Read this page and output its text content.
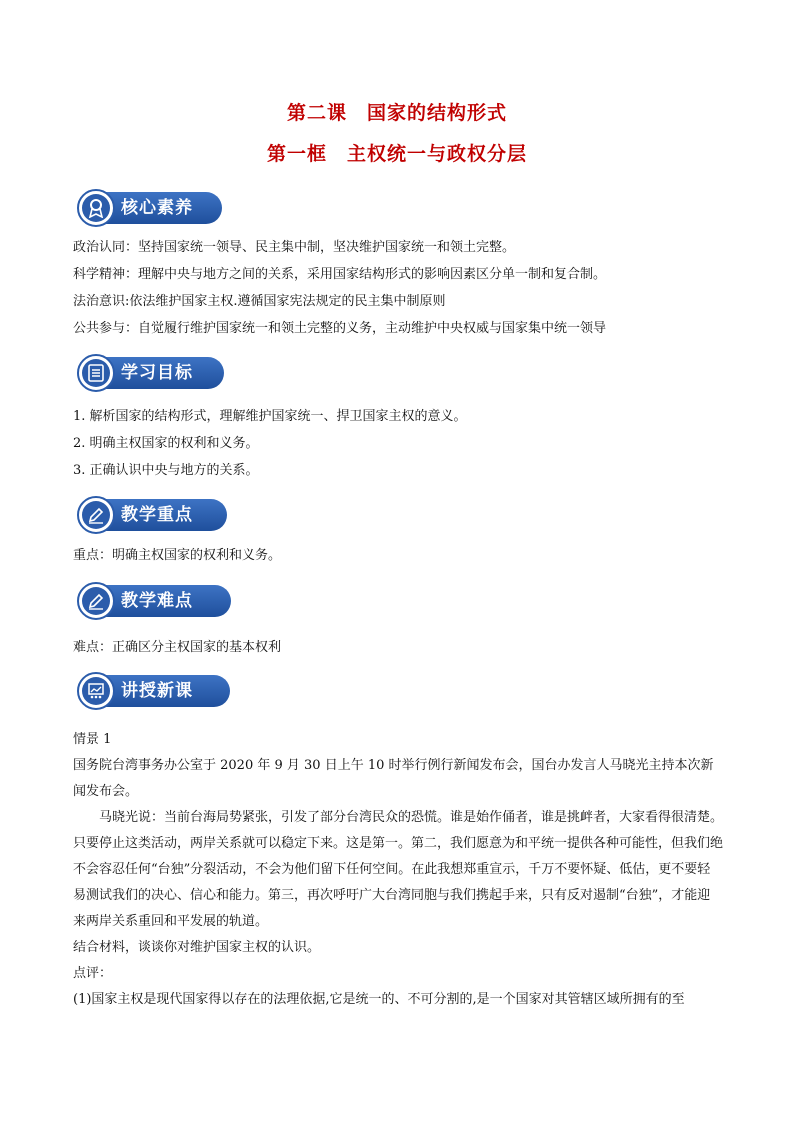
第二课　国家的结构形式
第一框　主权统一与政权分层
核心素养
政治认同：坚持国家统一领导、民主集中制，坚决维护国家统一和领土完整。
科学精神：理解中央与地方之间的关系，采用国家结构形式的影响因素区分单一制和复合制。
法治意识:依法维护国家主权.遵循国家宪法规定的民主集中制原则
公共参与：自觉履行维护国家统一和领土完整的义务，主动维护中央权威与国家集中统一领导
学习目标
1. 解析国家的结构形式，理解维护国家统一、捍卫国家主权的意义。
2. 明确主权国家的权利和义务。
3. 正确认识中央与地方的关系。
教学重点
重点：明确主权国家的权利和义务。
教学难点
难点：正确区分主权国家的基本权利
讲授新课

情景 1

国务院台湾事务办公室于 2020 年 9 月 30 日上午 10 时举行例行新闻发布会，国台办发言人马晓光主持本次新闻发布会。

马晓光说：当前台海局势紧张，引发了部分台湾民众的恐慌。谁是始作俑者，谁是挑衅者，大家看得很清楚。只要停止这类活动，两岸关系就可以稳定下来。这是第一。第二，我们愿意为和平统一提供各种可能性，但我们绝不会容忍任何“台独”分裂活动，不会为他们留下任何空间。在此我想郑重宣示，千万不要怀疑、低估，更不要轻易测试我们的决心、信心和能力。第三，再次呼吁广大台湾同胞与我们携起手来，只有反对遏制“台独”，才能迎来两岸关系重回和平发展的轨道。

结合材料，谈谈你对维护国家主权的认识。

点评：

(1)国家主权是现代国家得以存在的法理依据,它是统一的、不可分割的,是一个国家对其管辖区域所拥有的至
